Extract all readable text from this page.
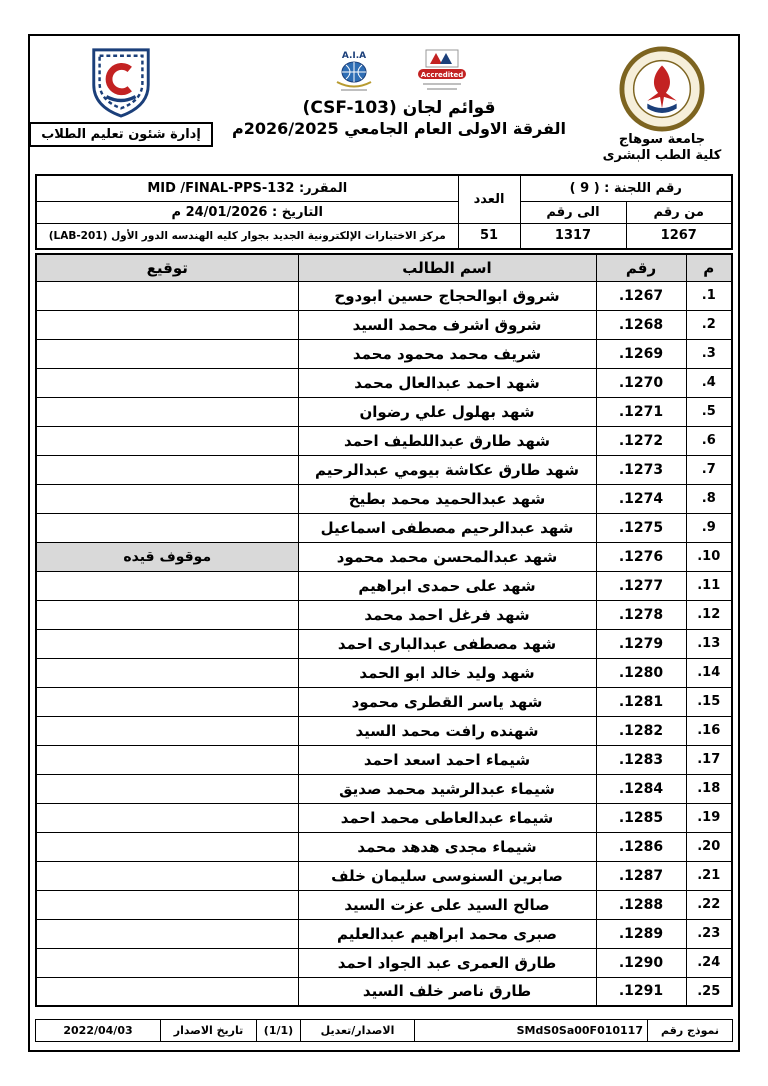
جامعة سوهاج
كلية الطب البشرى
Accredited
A.I.A
قوائم لجان (CSF-103)
الفرقة الاولى العام الجامعي 2026/2025م
إدارة شئون تعليم الطلاب
رقم اللجنة : ( 9 )		العدد	المقرر: MID /FINAL-PPS-132
من رقم	الى رقم		التاريخ : 24/01/2026 م
1267	1317	51	مركز الاختبارات الإلكترونية الجديد بجوار كليه الهندسه الدور الأول (LAB-201)
م	رقم	اسم الطالب	توقيع
1.	1267.	شروق ابوالحجاج حسين ابودوح	
2.	1268.	شروق اشرف محمد السيد	
3.	1269.	شريف محمد محمود محمد	
4.	1270.	شهد احمد عبدالعال محمد	
5.	1271.	شهد بهلول علي رضوان	
6.	1272.	شهد طارق عبداللطيف احمد	
7.	1273.	شهد طارق عكاشة بيومي عبدالرحيم	
8.	1274.	شهد عبدالحميد محمد بطيخ	
9.	1275.	شهد عبدالرحيم مصطفى اسماعيل	
10.	1276.	شهد عبدالمحسن محمد محمود	موقوف قيده
11.	1277.	شهد على حمدى ابراهيم	
12.	1278.	شهد فرغل احمد محمد	
13.	1279.	شهد مصطفى عبدالبارى احمد	
14.	1280.	شهد وليد خالد ابو الحمد	
15.	1281.	شهد ياسر القطرى محمود	
16.	1282.	شهنده رافت محمد السيد	
17.	1283.	شيماء احمد اسعد احمد	
18.	1284.	شيماء عبدالرشيد محمد صديق	
19.	1285.	شيماء عبدالعاطى محمد احمد	
20.	1286.	شيماء مجدى هدهد محمد	
21.	1287.	صابرين السنوسى سليمان خلف	
22.	1288.	صالح السيد على عزت السيد	
23.	1289.	صبرى محمد ابراهيم عبدالعليم	
24.	1290.	طارق العمرى عبد الجواد احمد	
25.	1291.	طارق ناصر خلف السيد	
نموذج رقم	SMdS0Sa00F010117	الاصدار/تعديل	(1/1)	تاريخ الاصدار	2022/04/03
